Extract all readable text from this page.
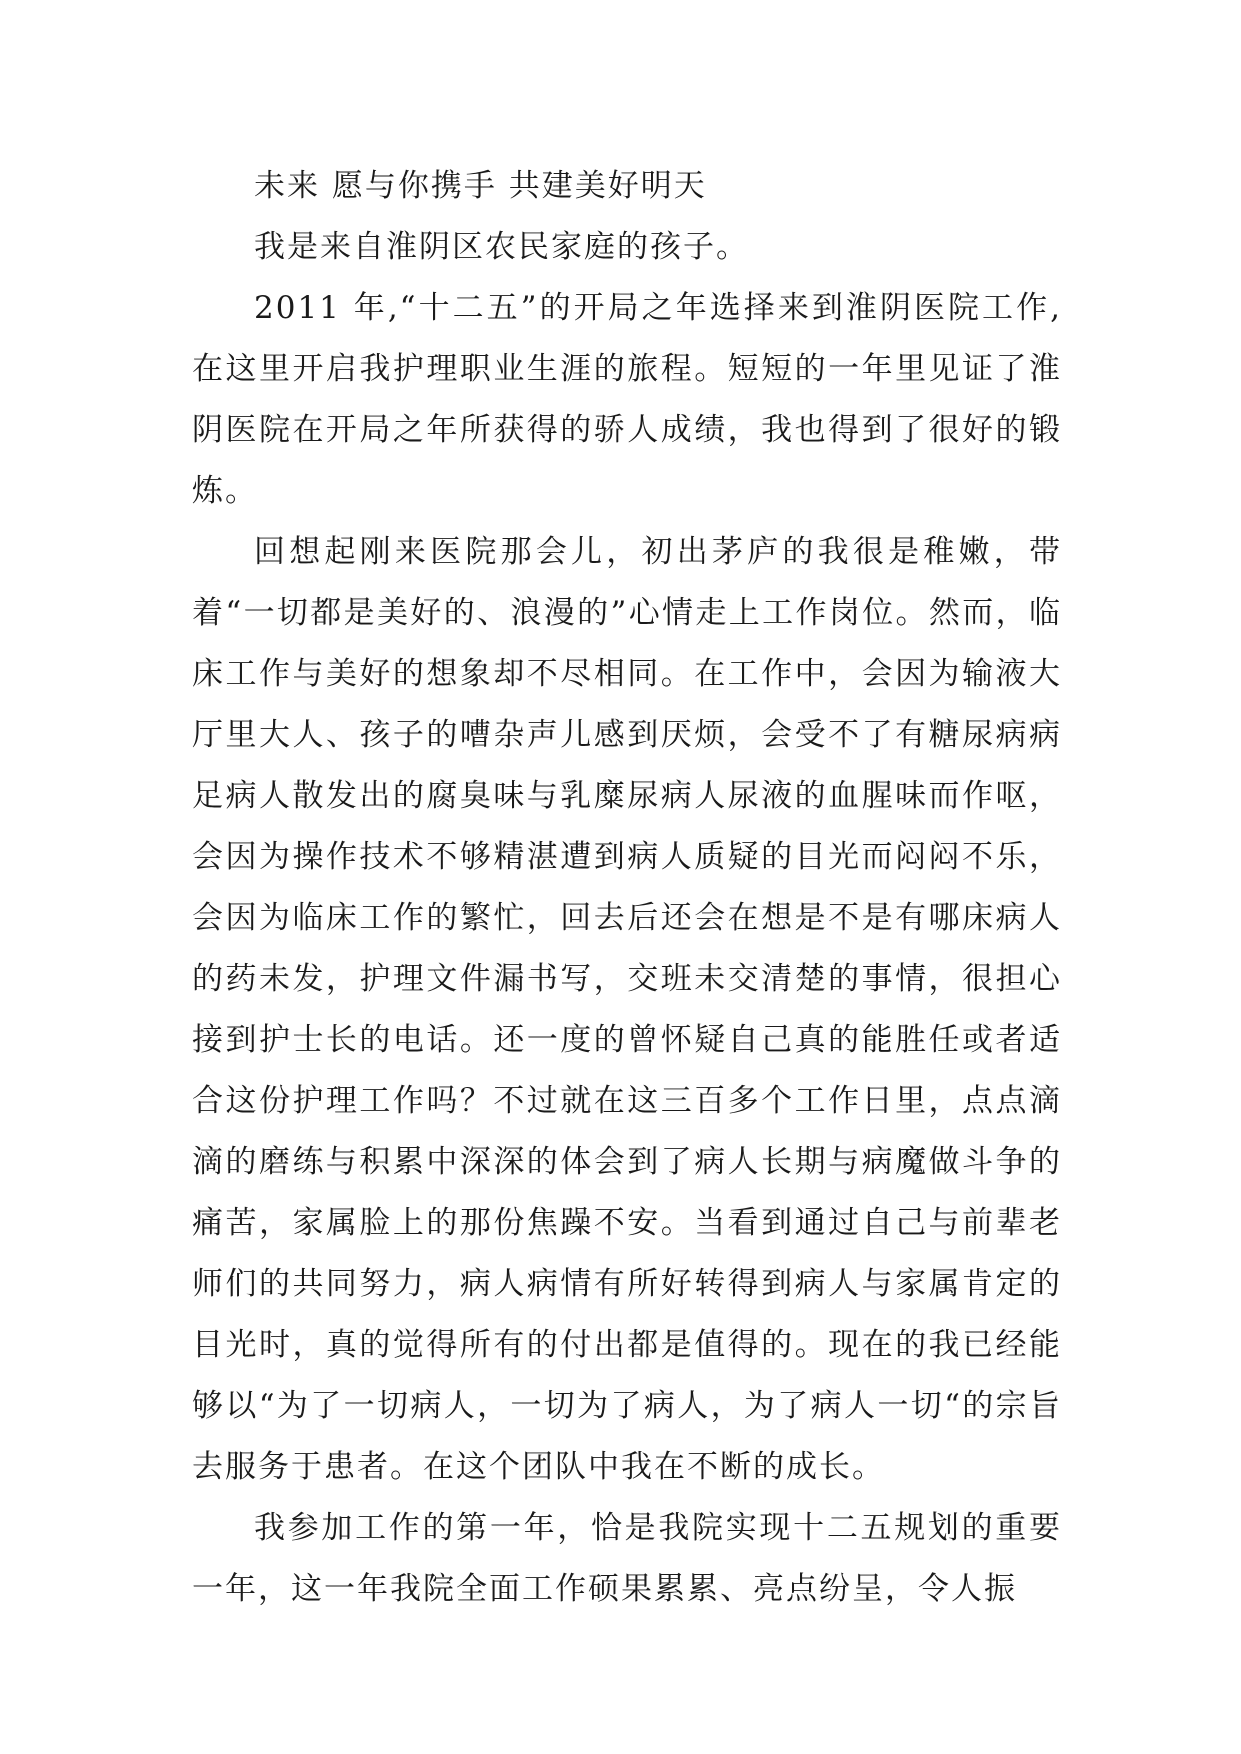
未来 愿与你携手 共建美好明天

我是来自淮阴区农民家庭的孩子。

2011 年,“十二五”的开局之年选择来到淮阴医院工作,在这里开启我护理职业生涯的旅程。短短的一年里见证了淮阴医院在开局之年所获得的骄人成绩，我也得到了很好的锻炼。

回想起刚来医院那会儿，初出茅庐的我很是稚嫩，带着“一切都是美好的、浪漫的”心情走上工作岗位。然而，临床工作与美好的想象却不尽相同。在工作中，会因为输液大厅里大人、孩子的嘈杂声儿感到厌烦，会受不了有糖尿病病足病人散发出的腐臭味与乳糜尿病人尿液的血腥味而作呕，会因为操作技术不够精湛遭到病人质疑的目光而闷闷不乐，会因为临床工作的繁忙，回去后还会在想是不是有哪床病人的药未发，护理文件漏书写，交班未交清楚的事情，很担心接到护士长的电话。还一度的曾怀疑自己真的能胜任或者适合这份护理工作吗？不过就在这三百多个工作日里，点点滴滴的磨练与积累中深深的体会到了病人长期与病魔做斗争的痛苦，家属脸上的那份焦躁不安。当看到通过自己与前辈老师们的共同努力，病人病情有所好转得到病人与家属肯定的目光时，真的觉得所有的付出都是值得的。现在的我已经能够以“为了一切病人，一切为了病人，为了病人一切“的宗旨去服务于患者。在这个团队中我在不断的成长。

我参加工作的第一年，恰是我院实现十二五规划的重要一年，这一年我院全面工作硕果累累、亮点纷呈，令人振
